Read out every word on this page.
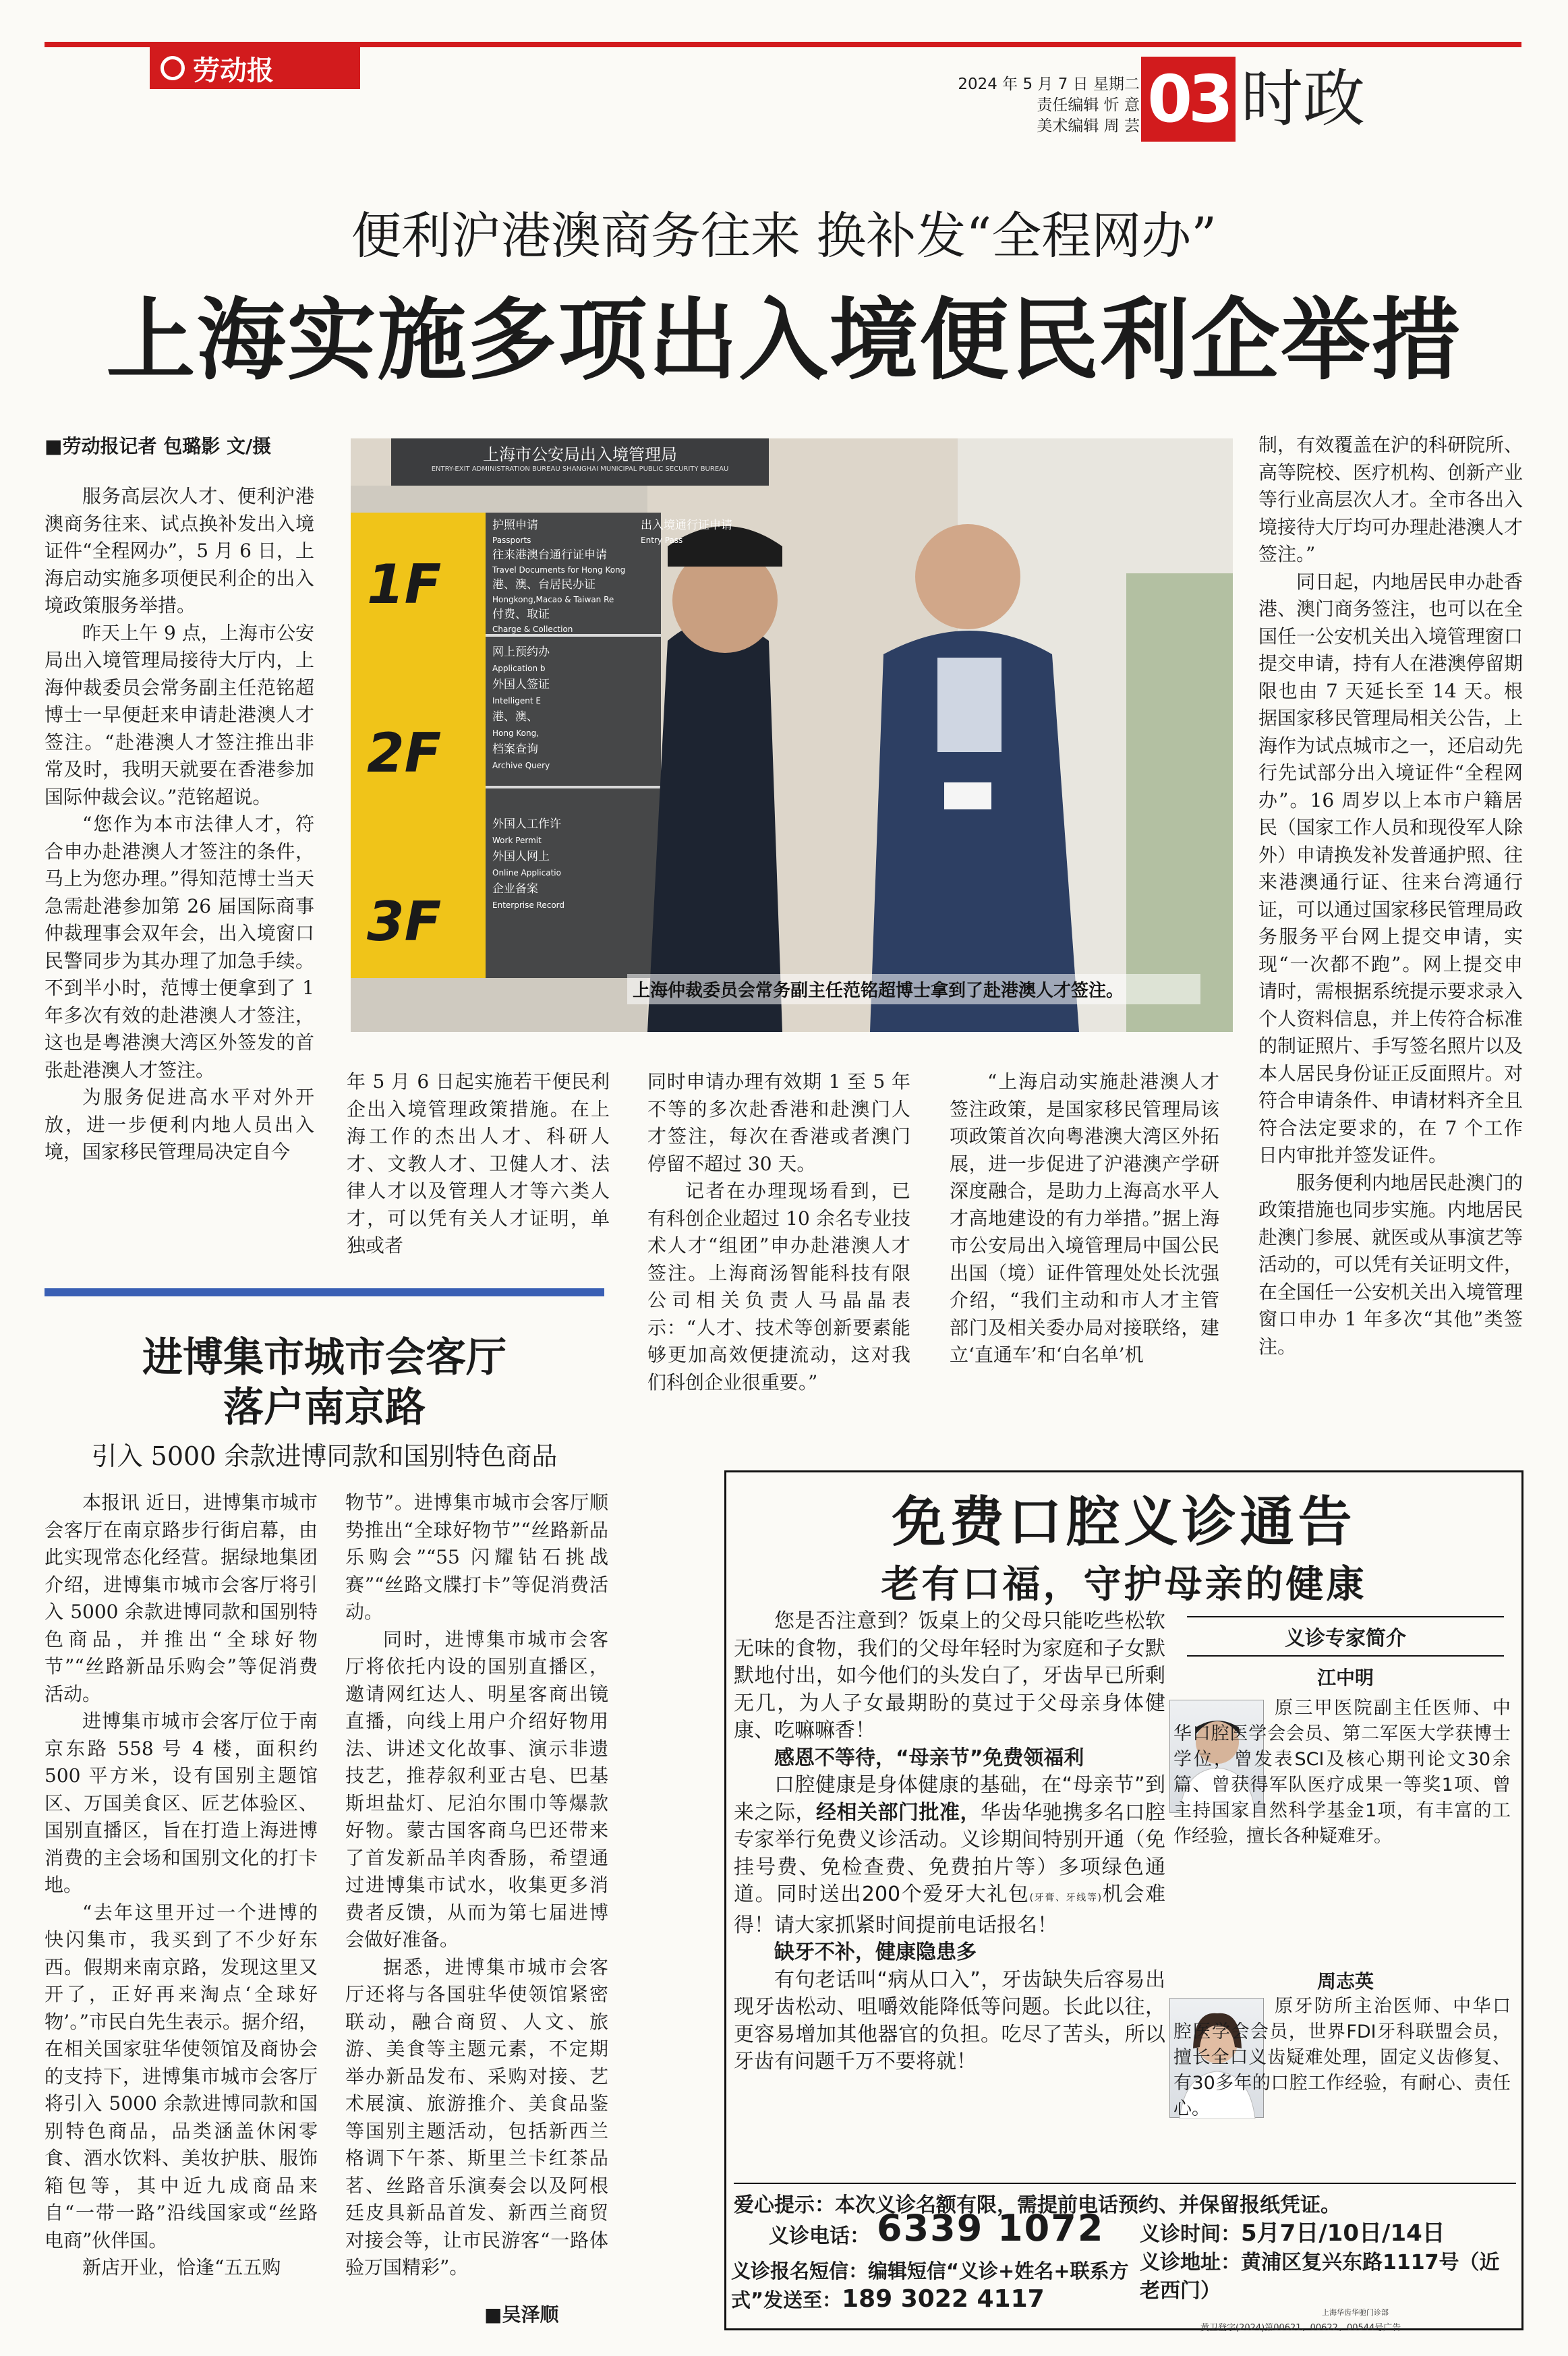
劳动报	2024 年 5 月 7 日 星期二
责任编辑 忻 意
美术编辑 周 芸 03 时政
便利沪港澳商务往来 换补发“全程网办”
上海实施多项出入境便民利企举措
■劳动报记者 包璐影 文/摄

服务高层次人才、便利沪港澳商务往来、试点换补发出入境证件“全程网办”，5 月 6 日，上海启动实施多项便民利企的出入境政策服务举措。

昨天上午 9 点，上海市公安局出入境管理局接待大厅内，上海仲裁委员会常务副主任范铭超博士一早便赶来申请赴港澳人才签注。“赴港澳人才签注推出非常及时，我明天就要在香港参加国际仲裁会议。”范铭超说。

“您作为本市法律人才，符合申办赴港澳人才签注的条件，马上为您办理。”得知范博士当天急需赴港参加第 26 届国际商事仲裁理事会双年会，出入境窗口民警同步为其办理了加急手续。不到半小时，范博士便拿到了 1 年多次有效的赴港澳人才签注，这也是粤港澳大湾区外签发的首张赴港澳人才签注。

为服务促进高水平对外开放，进一步便利内地人员出入境，国家移民管理局决定自今

上海市公安局出入境管理局
ENTRY-EXIT ADMINISTRATION BUREAU SHANGHAI MUNICIPAL PUBLIC SECURITY BUREAU
1F
2F
3F
护照申请
Passports
往来港澳台通行证申请
Travel Documents for Hong Kong
港、澳、台居民办证
Hongkong,Macao & Taiwan Re
付费、取证
Charge & Collection
出入境通行证申请
Entry Pass
网上预约办
Application b
外国人签证
Intelligent E
港、澳、
Hong Kong,
档案查询
Archive Query
外国人工作许
Work Permit
外国人网上
Online Applicatio
企业备案
Enterprise Record
上海仲裁委员会常务副主任范铭超博士拿到了赴港澳人才签注。

年 5 月 6 日起实施若干便民利企出入境管理政策措施。在上海工作的杰出人才、科研人才、文教人才、卫健人才、法律人才以及管理人才等六类人才，可以凭有关人才证明，单独或者

同时申请办理有效期 1 至 5 年不等的多次赴香港和赴澳门人才签注，每次在香港或者澳门停留不超过 30 天。

记者在办理现场看到，已有科创企业超过 10 余名专业技术人才“组团”申办赴港澳人才签注。上海商汤智能科技有限公司相关负责人马晶晶表示：“人才、技术等创新要素能够更加高效便捷流动，这对我们科创企业很重要。”

“上海启动实施赴港澳人才签注政策，是国家移民管理局该项政策首次向粤港澳大湾区外拓展，进一步促进了沪港澳产学研深度融合，是助力上海高水平人才高地建设的有力举措。”据上海市公安局出入境管理局中国公民出国（境）证件管理处处长沈强介绍，“我们主动和市人才主管部门及相关委办局对接联络，建立‘直通车’和‘白名单’机

制，有效覆盖在沪的科研院所、高等院校、医疗机构、创新产业等行业高层次人才。全市各出入境接待大厅均可办理赴港澳人才签注。”

同日起，内地居民申办赴香港、澳门商务签注，也可以在全国任一公安机关出入境管理窗口提交申请，持有人在港澳停留期限也由 7 天延长至 14 天。根据国家移民管理局相关公告，上海作为试点城市之一，还启动先行先试部分出入境证件“全程网办”。16 周岁以上本市户籍居民（国家工作人员和现役军人除外）申请换发补发普通护照、往来港澳通行证、往来台湾通行证，可以通过国家移民管理局政务服务平台网上提交申请，实现“一次都不跑”。网上提交申请时，需根据系统提示要求录入个人资料信息，并上传符合标准的制证照片、手写签名照片以及本人居民身份证正反面照片。对符合申请条件、申请材料齐全且符合法定要求的，在 7 个工作日内审批并签发证件。

服务便利内地居民赴澳门的政策措施也同步实施。内地居民赴澳门参展、就医或从事演艺等活动的，可以凭有关证明文件，在全国任一公安机关出入境管理窗口申办 1 年多次“其他”类签注。

进博集市城市会客厅
落户南京路
引入 5000 余款进博同款和国别特色商品

本报讯 近日，进博集市城市会客厅在南京路步行街启幕，由此实现常态化经营。据绿地集团介绍，进博集市城市会客厅将引入 5000 余款进博同款和国别特色商品，并推出“全球好物节”“丝路新品乐购会”等促消费活动。

进博集市城市会客厅位于南京东路 558 号 4 楼，面积约 500 平方米，设有国别主题馆区、万国美食区、匠艺体验区、国别直播区，旨在打造上海进博消费的主会场和国别文化的打卡地。

“去年这里开过一个进博的快闪集市，我买到了不少好东西。假期来南京路，发现这里又开了，正好再来淘点‘全球好物’。”市民白先生表示。据介绍，在相关国家驻华使领馆及商协会的支持下，进博集市城市会客厅将引入 5000 余款进博同款和国别特色商品，品类涵盖休闲零食、酒水饮料、美妆护肤、服饰箱包等，其中近九成商品来自“一带一路”沿线国家或“丝路电商”伙伴国。

新店开业，恰逢“五五购

物节”。进博集市城市会客厅顺势推出“全球好物节”“丝路新品乐购会”“55 闪耀钻石挑战赛”“丝路文牒打卡”等促消费活动。

同时，进博集市城市会客厅将依托内设的国别直播区，邀请网红达人、明星客商出镜直播，向线上用户介绍好物用法、讲述文化故事、演示非遗技艺，推荐叙利亚古皂、巴基斯坦盐灯、尼泊尔围巾等爆款好物。蒙古国客商乌巴还带来了首发新品羊肉香肠，希望通过进博集市试水，收集更多消费者反馈，从而为第七届进博会做好准备。

据悉，进博集市城市会客厅还将与各国驻华使领馆紧密联动，融合商贸、人文、旅游、美食等主题元素，不定期举办新品发布、采购对接、艺术展演、旅游推介、美食品鉴等国别主题活动，包括新西兰格调下午茶、斯里兰卡红茶品茗、丝路音乐演奏会以及阿根廷皮具新品首发、新西兰商贸对接会等，让市民游客“一路体验万国精彩”。

■吴泽顺
免费口腔义诊通告
老有口福，守护母亲的健康

您是否注意到？饭桌上的父母只能吃些松软无味的食物，我们的父母年轻时为家庭和子女默默地付出，如今他们的头发白了，牙齿早已所剩无几，为人子女最期盼的莫过于父母亲身体健康、吃嘛嘛香！

感恩不等待，“母亲节”免费领福利

口腔健康是身体健康的基础，在“母亲节”到来之际，经相关部门批准，华齿华驰携多名口腔专家举行免费义诊活动。义诊期间特别开通（免挂号费、免检查费、免费拍片等）多项绿色通道。同时送出200个爱牙大礼包(牙膏、牙线等)机会难得！请大家抓紧时间提前电话报名！

缺牙不补，健康隐患多

有句老话叫“病从口入”，牙齿缺失后容易出现牙齿松动、咀嚼效能降低等问题。长此以往，更容易增加其他器官的负担。吃尽了苦头，所以牙齿有问题千万不要将就！

义诊专家简介
江中明
原三甲医院副主任医师、中华口腔医学会会员、第二军医大学获博士学位，曾发表SCI及核心期刊论文30余篇、曾获得军队医疗成果一等奖1项、曾主持国家自然科学基金1项，有丰富的工作经验，擅长各种疑难牙。
周志英
原牙防所主治医师、中华口腔医学会会员，世界FDI牙科联盟会员，擅长全口义齿疑难处理，固定义齿修复、有30多年的口腔工作经验，有耐心、责任心。
爱心提示：本次义诊名额有限，需提前电话预约、并保留报纸凭证。
义诊电话： 6339 1072
义诊报名短信：编辑短信“义诊+姓名+联系方式”发送至：189 3022 4117
义诊时间：5月7日/10日/14日
义诊地址：黄浦区复兴东路1117号（近老西门）
上海华齿华驰门诊部
黄卫登字(2024)第00621、00622、00544号广告
